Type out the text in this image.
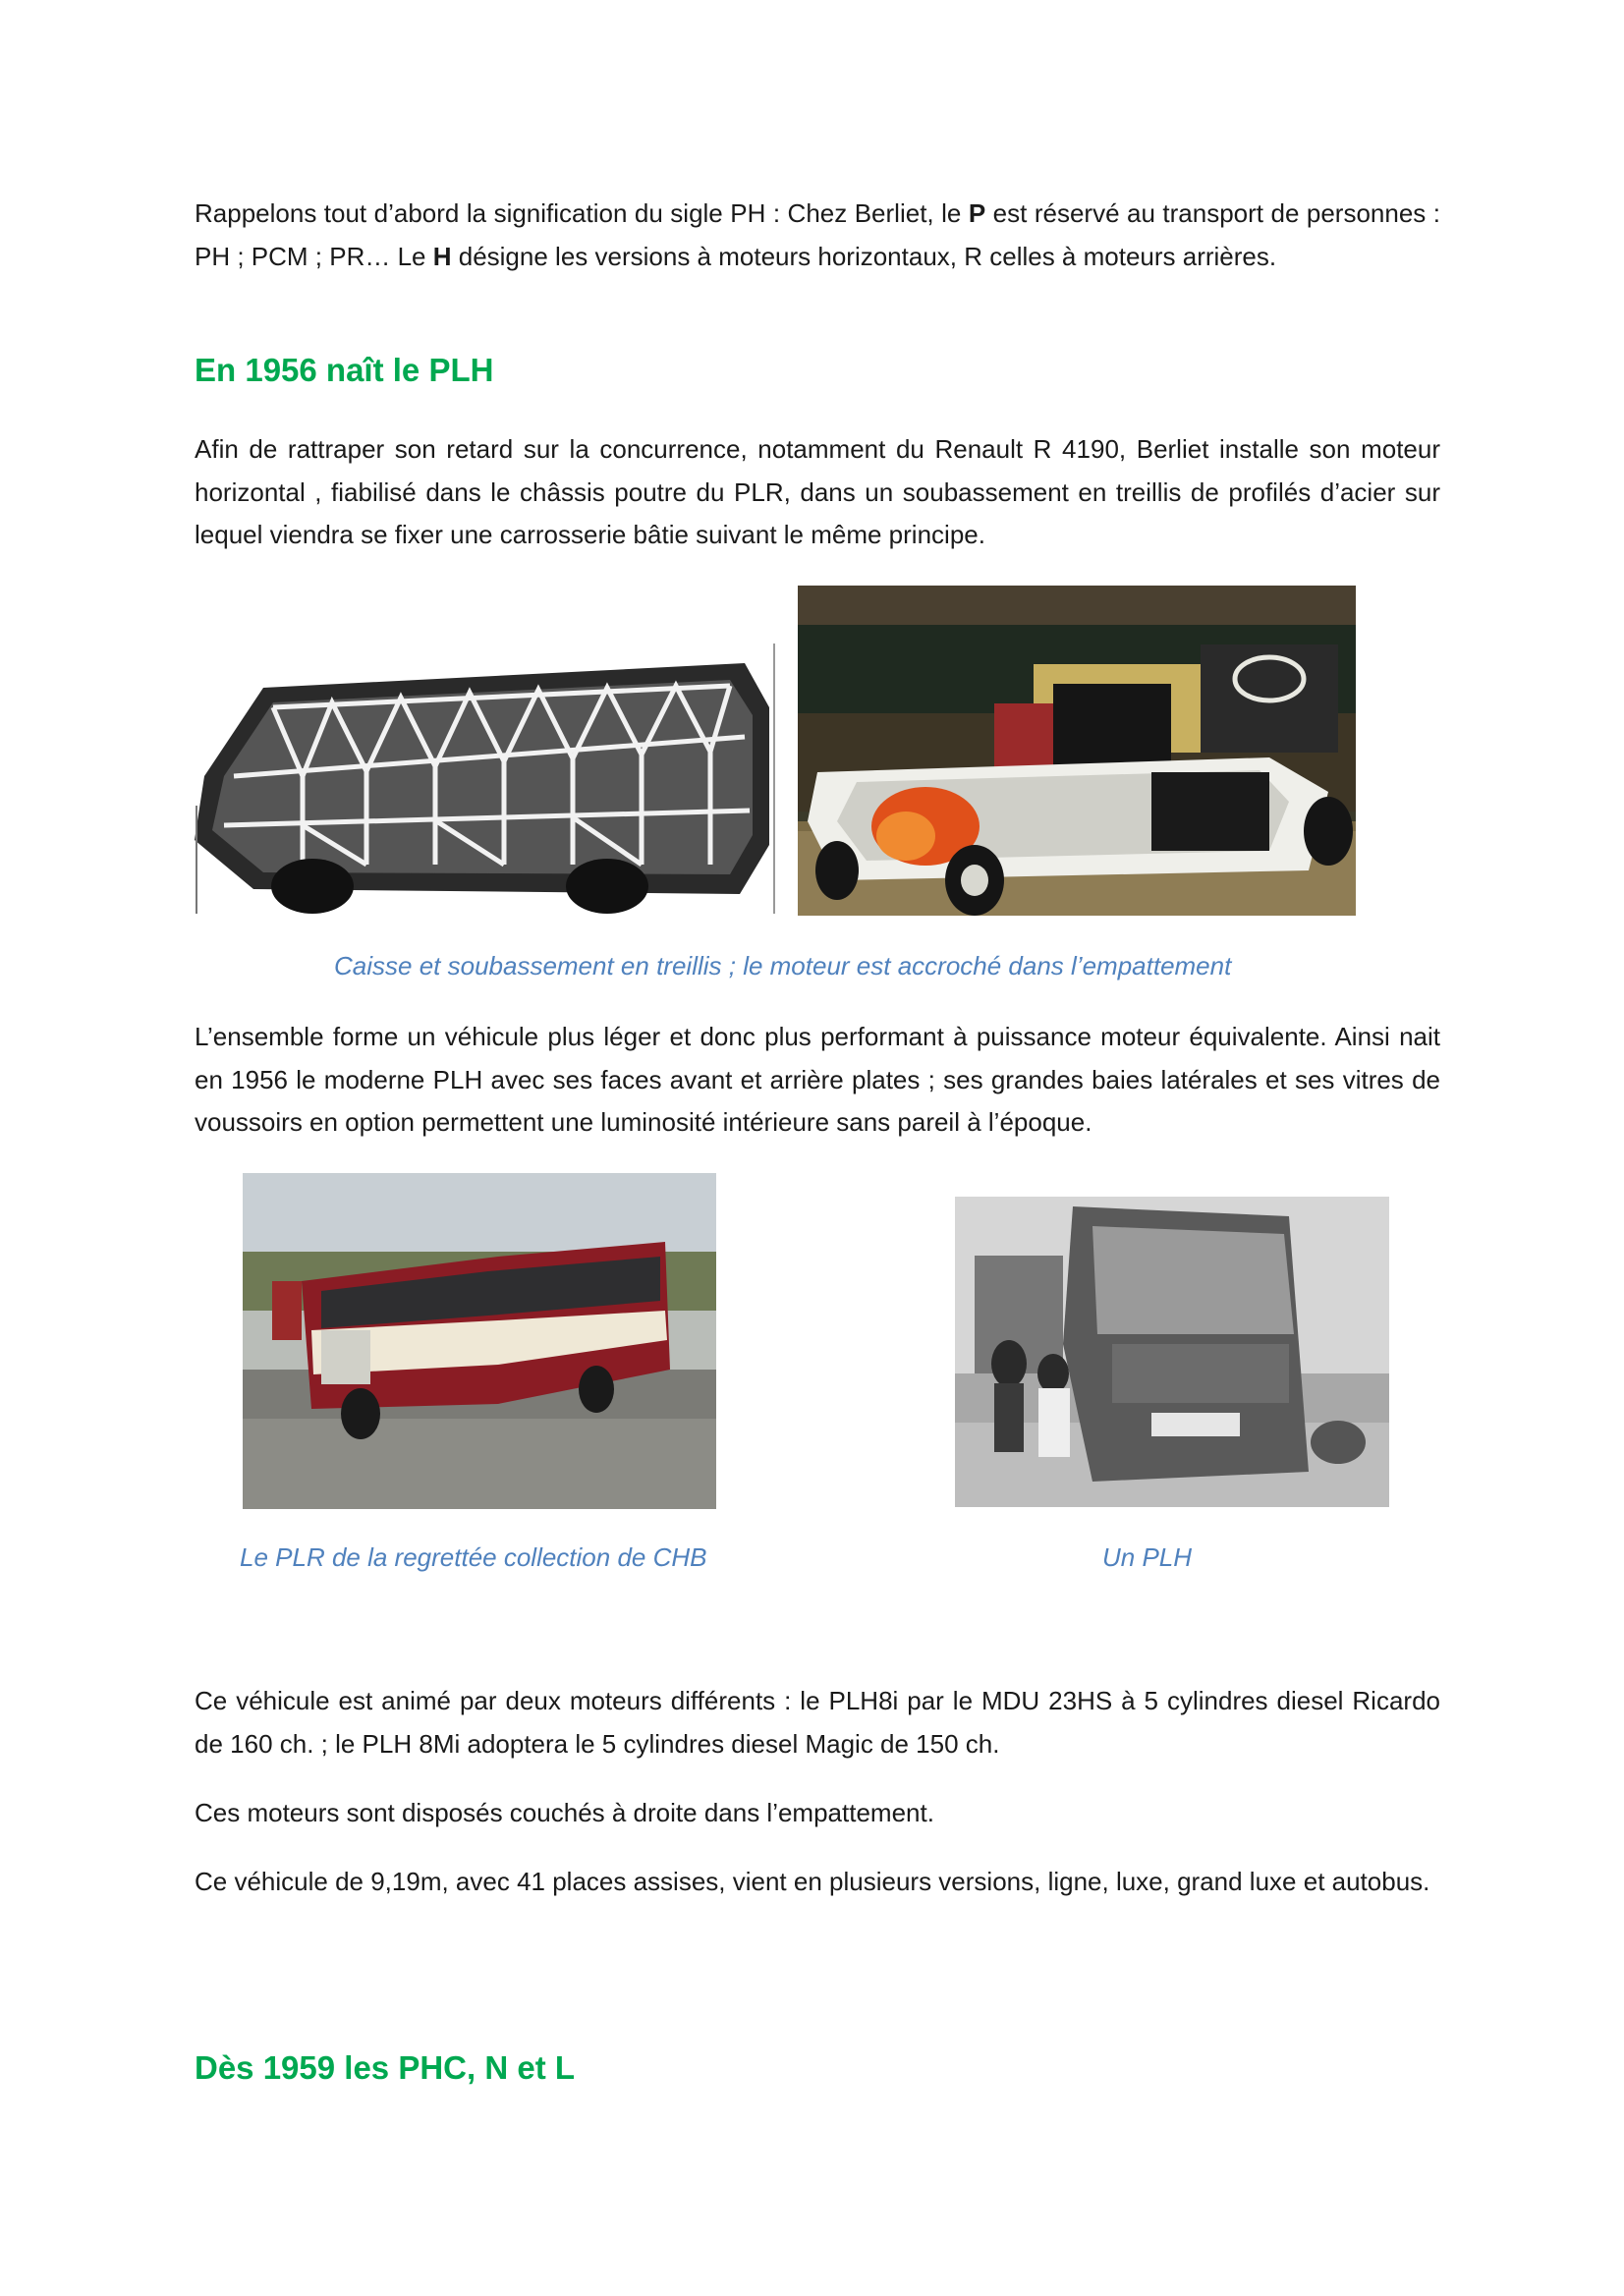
Rappelons tout d’abord la signification du sigle PH : Chez Berliet, le P est réservé au transport de personnes : PH ; PCM ; PR… Le H désigne les versions à moteurs horizontaux, R celles à moteurs arrières.

En 1956 naît le PLH

Afin de rattraper son retard sur la concurrence, notamment du Renault R 4190, Berliet installe son moteur horizontal , fiabilisé dans le châssis poutre du PLR, dans un soubassement en treillis de profilés d’acier sur lequel viendra se fixer une carrosserie bâtie suivant le même principe.

Caisse et soubassement en treillis ; le moteur est accroché dans l’empattement

L’ensemble forme un véhicule plus léger et donc plus performant à puissance moteur équivalente. Ainsi nait en 1956 le moderne PLH avec ses faces avant et arrière plates ; ses grandes baies latérales et ses vitres de voussoirs en option permettent une luminosité intérieure sans pareil à l’époque.

Le PLR de la regrettée collection de CHB	Un PLH

Ce véhicule est animé par deux moteurs différents : le PLH8i par le MDU 23HS à 5 cylindres diesel Ricardo de 160 ch. ; le PLH 8Mi adoptera le 5 cylindres diesel Magic de 150 ch.

Ces moteurs sont disposés couchés à droite dans l’empattement.

Ce véhicule de 9,19m, avec 41 places assises, vient en plusieurs versions, ligne, luxe, grand luxe et autobus.

Dès 1959 les PHC, N et L
